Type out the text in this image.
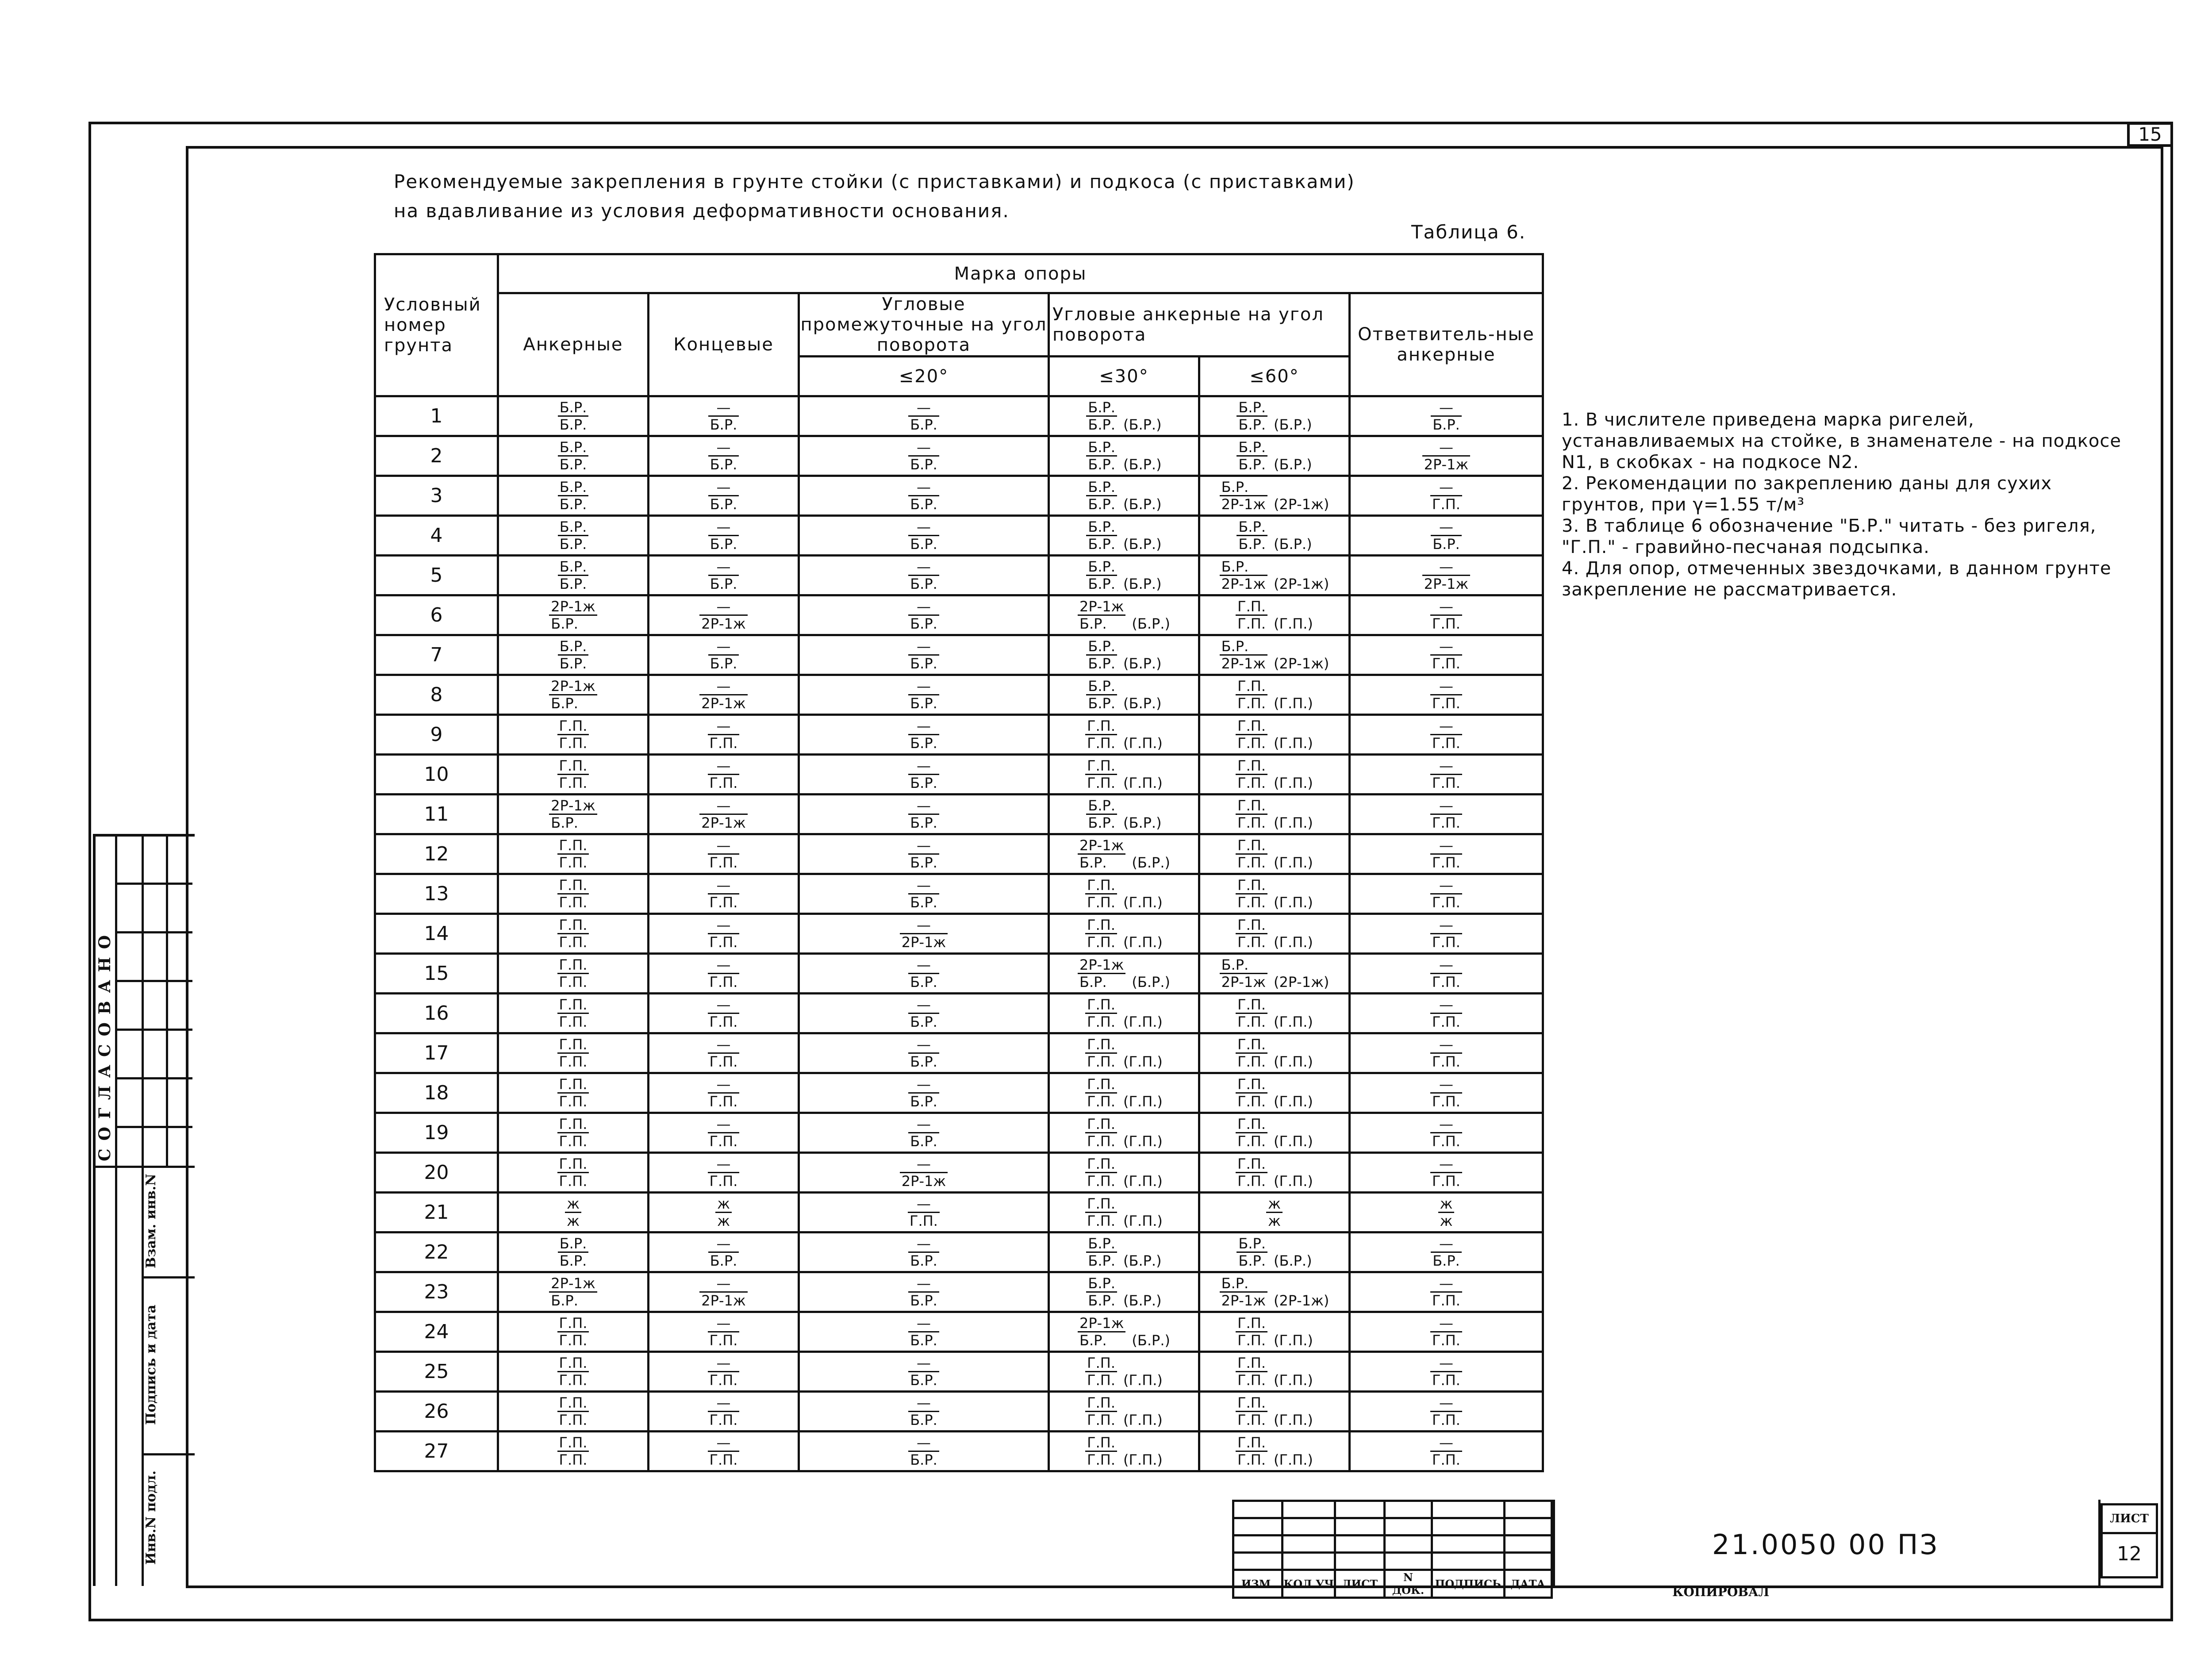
15
Рекомендуемые закрепления в грунте стойки (с приставками) и подкоса (с приставками)
на вдавливание из условия деформативности основания.
Таблица 6.
Условный номер грунта	Марка опоры					
	Анкерные	Концевые	Угловые промежуточные на угол поворота	Угловые анкерные на угол поворота		Ответвитель-ные анкерные
			≤20°	≤30°	≤60°	
1	$\frac{Б.Р.}{Б.Р.}$	$\frac{—}{Б.Р.}$	$\frac{—}{Б.Р.}$	$\frac{Б.Р.}{Б.Р.} (Б.Р.)$	$\frac{Б.Р.}{Б.Р.} (Б.Р.)$	$\frac{—}{Б.Р.}$

2	$\frac{Б.Р.}{Б.Р.}$	$\frac{—}{Б.Р.}$	$\frac{—}{Б.Р.}$	$\frac{Б.Р.}{Б.Р.} (Б.Р.)$	$\frac{Б.Р.}{Б.Р.} (Б.Р.)$	$\frac{—}{2Р-1ж}$

3	$\frac{Б.Р.}{Б.Р.}$	$\frac{—}{Б.Р.}$	$\frac{—}{Б.Р.}$	$\frac{Б.Р.}{Б.Р.} (Б.Р.)$	$\frac{Б.Р.}{2Р-1ж} (2Р-1ж)$	$\frac{—}{Г.П.}$

4	$\frac{Б.Р.}{Б.Р.}$	$\frac{—}{Б.Р.}$	$\frac{—}{Б.Р.}$	$\frac{Б.Р.}{Б.Р.} (Б.Р.)$	$\frac{Б.Р.}{Б.Р.} (Б.Р.)$	$\frac{—}{Б.Р.}$

5	$\frac{Б.Р.}{Б.Р.}$	$\frac{—}{Б.Р.}$	$\frac{—}{Б.Р.}$	$\frac{Б.Р.}{Б.Р.} (Б.Р.)$	$\frac{Б.Р.}{2Р-1ж} (2Р-1ж)$	$\frac{—}{2Р-1ж}$

6	$\frac{2Р-1ж}{Б.Р.}$	$\frac{—}{2Р-1ж}$	$\frac{—}{Б.Р.}$	$\frac{2Р-1ж}{Б.Р.} (Б.Р.)$	$\frac{Г.П.}{Г.П.} (Г.П.)$	$\frac{—}{Г.П.}$

7	$\frac{Б.Р.}{Б.Р.}$	$\frac{—}{Б.Р.}$	$\frac{—}{Б.Р.}$	$\frac{Б.Р.}{Б.Р.} (Б.Р.)$	$\frac{Б.Р.}{2Р-1ж} (2Р-1ж)$	$\frac{—}{Г.П.}$

8	$\frac{2Р-1ж}{Б.Р.}$	$\frac{—}{2Р-1ж}$	$\frac{—}{Б.Р.}$	$\frac{Б.Р.}{Б.Р.} (Б.Р.)$	$\frac{Г.П.}{Г.П.} (Г.П.)$	$\frac{—}{Г.П.}$

9	$\frac{Г.П.}{Г.П.}$	$\frac{—}{Г.П.}$	$\frac{—}{Б.Р.}$	$\frac{Г.П.}{Г.П.} (Г.П.)$	$\frac{Г.П.}{Г.П.} (Г.П.)$	$\frac{—}{Г.П.}$

10	$\frac{Г.П.}{Г.П.}$	$\frac{—}{Г.П.}$	$\frac{—}{Б.Р.}$	$\frac{Г.П.}{Г.П.} (Г.П.)$	$\frac{Г.П.}{Г.П.} (Г.П.)$	$\frac{—}{Г.П.}$

11	$\frac{2Р-1ж}{Б.Р.}$	$\frac{—}{2Р-1ж}$	$\frac{—}{Б.Р.}$	$\frac{Б.Р.}{Б.Р.} (Б.Р.)$	$\frac{Г.П.}{Г.П.} (Г.П.)$	$\frac{—}{Г.П.}$

12	$\frac{Г.П.}{Г.П.}$	$\frac{—}{Г.П.}$	$\frac{—}{Б.Р.}$	$\frac{2Р-1ж}{Б.Р.} (Б.Р.)$	$\frac{Г.П.}{Г.П.} (Г.П.)$	$\frac{—}{Г.П.}$

13	$\frac{Г.П.}{Г.П.}$	$\frac{—}{Г.П.}$	$\frac{—}{Б.Р.}$	$\frac{Г.П.}{Г.П.} (Г.П.)$	$\frac{Г.П.}{Г.П.} (Г.П.)$	$\frac{—}{Г.П.}$

14	$\frac{Г.П.}{Г.П.}$	$\frac{—}{Г.П.}$	$\frac{—}{2Р-1ж}$	$\frac{Г.П.}{Г.П.} (Г.П.)$	$\frac{Г.П.}{Г.П.} (Г.П.)$	$\frac{—}{Г.П.}$

15	$\frac{Г.П.}{Г.П.}$	$\frac{—}{Г.П.}$	$\frac{—}{Б.Р.}$	$\frac{2Р-1ж}{Б.Р.} (Б.Р.)$	$\frac{Б.Р.}{2Р-1ж} (2Р-1ж)$	$\frac{—}{Г.П.}$

16	$\frac{Г.П.}{Г.П.}$	$\frac{—}{Г.П.}$	$\frac{—}{Б.Р.}$	$\frac{Г.П.}{Г.П.} (Г.П.)$	$\frac{Г.П.}{Г.П.} (Г.П.)$	$\frac{—}{Г.П.}$

17	$\frac{Г.П.}{Г.П.}$	$\frac{—}{Г.П.}$	$\frac{—}{Б.Р.}$	$\frac{Г.П.}{Г.П.} (Г.П.)$	$\frac{Г.П.}{Г.П.} (Г.П.)$	$\frac{—}{Г.П.}$

18	$\frac{Г.П.}{Г.П.}$	$\frac{—}{Г.П.}$	$\frac{—}{Б.Р.}$	$\frac{Г.П.}{Г.П.} (Г.П.)$	$\frac{Г.П.}{Г.П.} (Г.П.)$	$\frac{—}{Г.П.}$

19	$\frac{Г.П.}{Г.П.}$	$\frac{—}{Г.П.}$	$\frac{—}{Б.Р.}$	$\frac{Г.П.}{Г.П.} (Г.П.)$	$\frac{Г.П.}{Г.П.} (Г.П.)$	$\frac{—}{Г.П.}$

20	$\frac{Г.П.}{Г.П.}$	$\frac{—}{Г.П.}$	$\frac{—}{2Р-1ж}$	$\frac{Г.П.}{Г.П.} (Г.П.)$	$\frac{Г.П.}{Г.П.} (Г.П.)$	$\frac{—}{Г.П.}$

21	$\frac{ж}{ж}$	$\frac{ж}{ж}$	$\frac{—}{Г.П.}$	$\frac{Г.П.}{Г.П.} (Г.П.)$	$\frac{ж}{ж}$	$\frac{ж}{ж}$

22	$\frac{Б.Р.}{Б.Р.}$	$\frac{—}{Б.Р.}$	$\frac{—}{Б.Р.}$	$\frac{Б.Р.}{Б.Р.} (Б.Р.)$	$\frac{Б.Р.}{Б.Р.} (Б.Р.)$	$\frac{—}{Б.Р.}$

23	$\frac{2Р-1ж}{Б.Р.}$	$\frac{—}{2Р-1ж}$	$\frac{—}{Б.Р.}$	$\frac{Б.Р.}{Б.Р.} (Б.Р.)$	$\frac{Б.Р.}{2Р-1ж} (2Р-1ж)$	$\frac{—}{Г.П.}$

24	$\frac{Г.П.}{Г.П.}$	$\frac{—}{Г.П.}$	$\frac{—}{Б.Р.}$	$\frac{2Р-1ж}{Б.Р.} (Б.Р.)$	$\frac{Г.П.}{Г.П.} (Г.П.)$	$\frac{—}{Г.П.}$

25	$\frac{Г.П.}{Г.П.}$	$\frac{—}{Г.П.}$	$\frac{—}{Б.Р.}$	$\frac{Г.П.}{Г.П.} (Г.П.)$	$\frac{Г.П.}{Г.П.} (Г.П.)$	$\frac{—}{Г.П.}$

26	$\frac{Г.П.}{Г.П.}$	$\frac{—}{Г.П.}$	$\frac{—}{Б.Р.}$	$\frac{Г.П.}{Г.П.} (Г.П.)$	$\frac{Г.П.}{Г.П.} (Г.П.)$	$\frac{—}{Г.П.}$

27	$\frac{Г.П.}{Г.П.}$	$\frac{—}{Г.П.}$	$\frac{—}{Б.Р.}$	$\frac{Г.П.}{Г.П.} (Г.П.)$	$\frac{Г.П.}{Г.П.} (Г.П.)$	$\frac{—}{Г.П.}$

1. В числителе приведена марка ригелей, устанавливаемых на стойке, в знаменателе - на подкосе N1, в скобках - на подкосе N2.

2. Рекомендации по закреплению даны для сухих грунтов, при γ=1.55 т/м³

3. В таблице 6 обозначение "Б.Р." читать - без ригеля, "Г.П." - гравийно-песчаная подсыпка.

4. Для опор, отмеченных звездочками, в данном грунте закрепление не рассматривается.

СОГЛАСОВАНО
Взам. инв.N
Подпись и дата
Инв.N подл.

ИЗМ.	КОЛ.УЧ	ЛИСТ	N ДОК.	ПОДПИСЬ	ДАТА
21.0050 00 ПЗ
ЛИСТ
12
КОПИРОВАЛ
